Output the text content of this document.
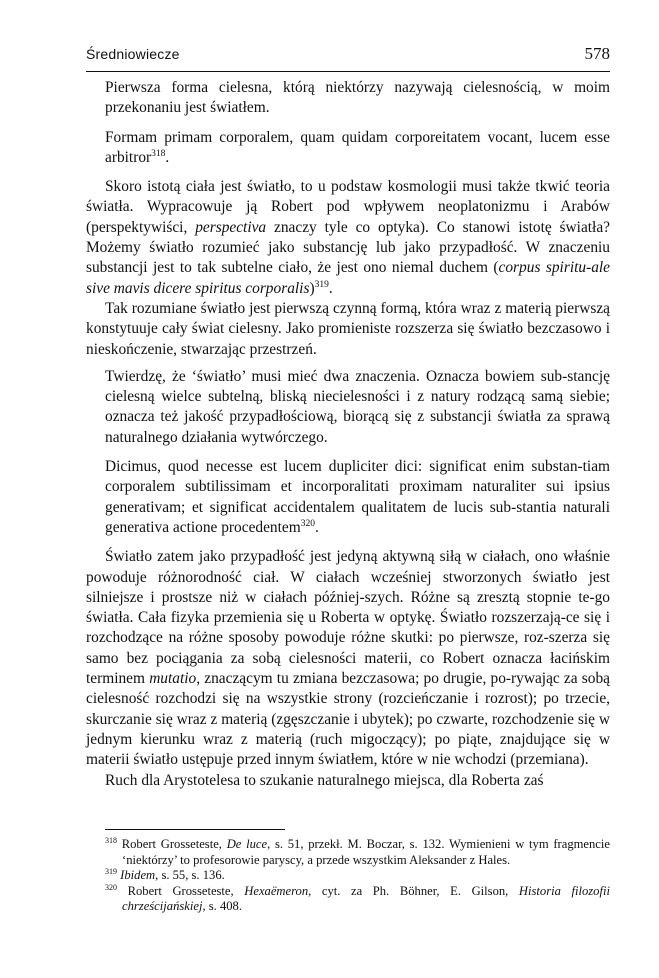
Średniowiecze	578

Pierwsza forma cielesna, którą niektórzy nazywają cielesnością, w moim przekonaniu jest światłem.

Formam primam corporalem, quam quidam corporeitatem vocant, lucem esse arbitror$^{318}$.

Skoro istotą ciała jest światło, to u podstaw kosmologii musi także tkwić teoria światła. Wypracowuje ją Robert pod wpływem neoplatonizmu i Arabów (perspektywiści, perspectiva znaczy tyle co optyka). Co stanowi istotę światła? Możemy światło rozumieć jako substancję lub jako przypadłość. W znaczeniu substancji jest to tak subtelne ciało, że jest ono niemal duchem (corpus spiritu-ale sive mavis dicere spiritus corporalis)$^{319}$.

Tak rozumiane światło jest pierwszą czynną formą, która wraz z materią pierwszą konstytuuje cały świat cielesny. Jako promieniste rozszerza się światło bezczasowo i nieskończenie, stwarzając przestrzeń.

Twierdzę, że ‘światło’ musi mieć dwa znaczenia. Oznacza bowiem sub-stancję cielesną wielce subtelną, bliską niecielesności i z natury rodzącą samą siebie; oznacza też jakość przypadłościową, biorącą się z substancji światła za sprawą naturalnego działania wytwórczego.

Dicimus, quod necesse est lucem dupliciter dici: significat enim substan-tiam corporalem subtilissimam et incorporalitati proximam naturaliter sui ipsius generativam; et significat accidentalem qualitatem de lucis sub-stantia naturali generativa actione procedentem$^{320}$.

Światło zatem jako przypadłość jest jedyną aktywną siłą w ciałach, ono właśnie powoduje różnorodność ciał. W ciałach wcześniej stworzonych światło jest silniejsze i prostsze niż w ciałach później-szych. Różne są zresztą stopnie te-go światła. Cała fizyka przemienia się u Roberta w optykę. Światło rozszerzają-ce się i rozchodzące na różne sposoby powoduje różne skutki: po pierwsze, roz-szerza się samo bez pociągania za sobą cielesności materii, co Robert oznacza łacińskim terminem mutatio, znaczącym tu zmiana bezczasowa; po drugie, po-rywając za sobą cielesność rozchodzi się na wszystkie strony (rozcieńczanie i rozrost); po trzecie, skurczanie się wraz z materią (zgęszczanie i ubytek); po czwarte, rozchodzenie się w jednym kierunku wraz z materią (ruch migoczący); po piąte, znajdujące się w materii światło ustępuje przed innym światłem, które w nie wchodzi (przemiana).

Ruch dla Arystotelesa to szukanie naturalnego miejsca, dla Roberta zaś

$^{318}$ Robert Grosseteste, De luce, s. 51, przekł. M. Boczar, s. 132. Wymienieni w tym fragmencie ‘niektórzy’ to profesorowie paryscy, a przede wszystkim Aleksander z Hales.

$^{319}$ Ibidem, s. 55, s. 136.

$^{320}$ Robert Grosseteste, Hexaëmeron, cyt. za Ph. Böhner, E. Gilson, Historia filozofii chrześcijańskiej, s. 408.
